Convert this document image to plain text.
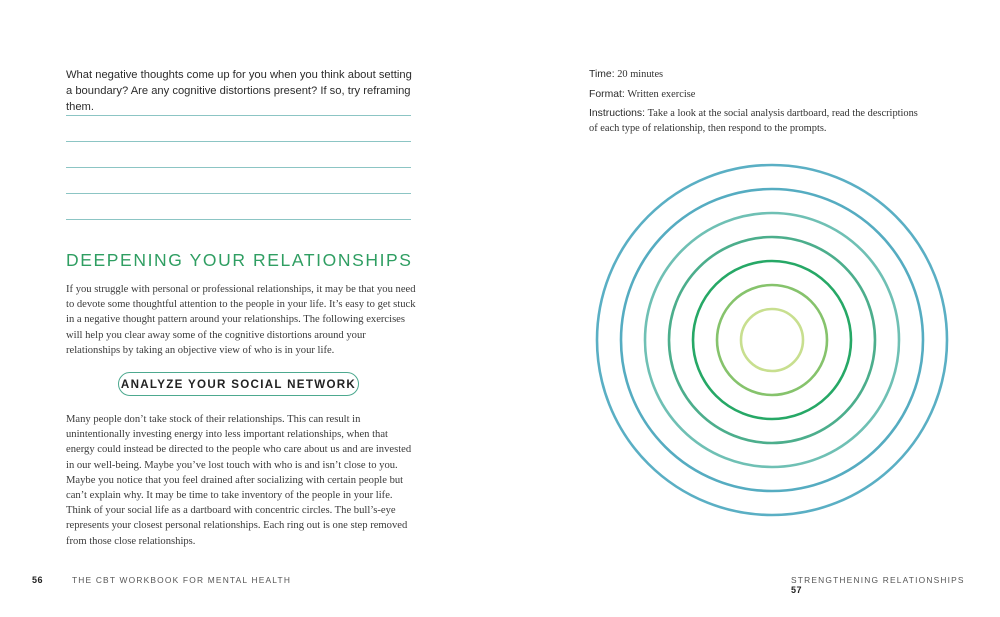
What negative thoughts come up for you when you think about setting a boundary? Are any cognitive distortions present? If so, try reframing them.
DEEPENING YOUR RELATIONSHIPS
If you struggle with personal or professional relationships, it may be that you need to devote some thoughtful attention to the people in your life. It’s easy to get stuck in a negative thought pattern around your relationships. The following exercises will help you clear away some of the cognitive distortions around your relationships by taking an objective view of who is in your life.
ANALYZE YOUR SOCIAL NETWORK
Many people don’t take stock of their relationships. This can result in unintentionally investing energy into less important relationships, when that energy could instead be directed to the people who care about us and are invested in our well-being. Maybe you’ve lost touch with who is and isn’t close to you. Maybe you notice that you feel drained after socializing with certain people but can’t explain why. It may be time to take inventory of the people in your life. Think of your social life as a dartboard with concentric circles. The bull’s-eye represents your closest personal relationships. Each ring out is one step removed from those close relationships.
56	THE CBT WORKBOOK FOR MENTAL HEALTH
Time: 20 minutes
Format: Written exercise
Instructions: Take a look at the social analysis dartboard, read the descriptions of each type of relationship, then respond to the prompts.
STRENGTHENING RELATIONSHIPS  57
